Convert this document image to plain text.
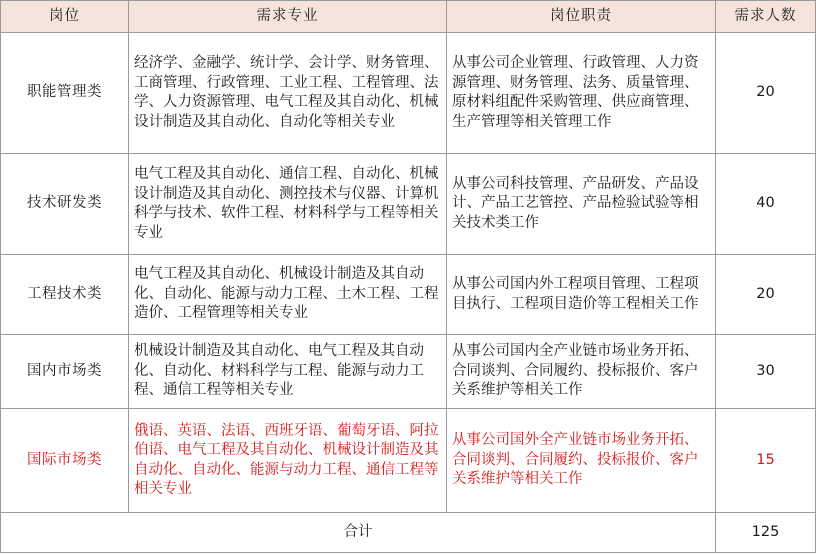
岗位	需求专业	岗位职责	需求人数
职能管理类	经济学、金融学、统计学、会计学、财务管理、工商管理、行政管理、工业工程、工程管理、法学、人力资源管理、电气工程及其自动化、机械设计制造及其自动化、自动化等相关专业	从事公司企业管理、行政管理、人力资源管理、财务管理、法务、质量管理、原材料组配件采购管理、供应商管理、生产管理等相关管理工作	20
技术研发类	电气工程及其自动化、通信工程、自动化、机械设计制造及其自动化、测控技术与仪器、计算机科学与技术、软件工程、材料科学与工程等相关专业	从事公司科技管理、产品研发、产品设计、产品工艺管控、产品检验试验等相关技术类工作	40
工程技术类	电气工程及其自动化、机械设计制造及其自动化、自动化、能源与动力工程、土木工程、工程造价、工程管理等相关专业	从事公司国内外工程项目管理、工程项目执行、工程项目造价等工程相关工作	20
国内市场类	机械设计制造及其自动化、电气工程及其自动化、自动化、材料科学与工程、能源与动力工程、通信工程等相关专业	从事公司国内全产业链市场业务开拓、合同谈判、合同履约、投标报价、客户关系维护等相关工作	30
国际市场类	俄语、英语、法语、西班牙语、葡萄牙语、阿拉伯语、电气工程及其自动化、机械设计制造及其自动化、自动化、能源与动力工程、通信工程等相关专业	从事公司国外全产业链市场业务开拓、合同谈判、合同履约、投标报价、客户关系维护等相关工作	15
合计			125
